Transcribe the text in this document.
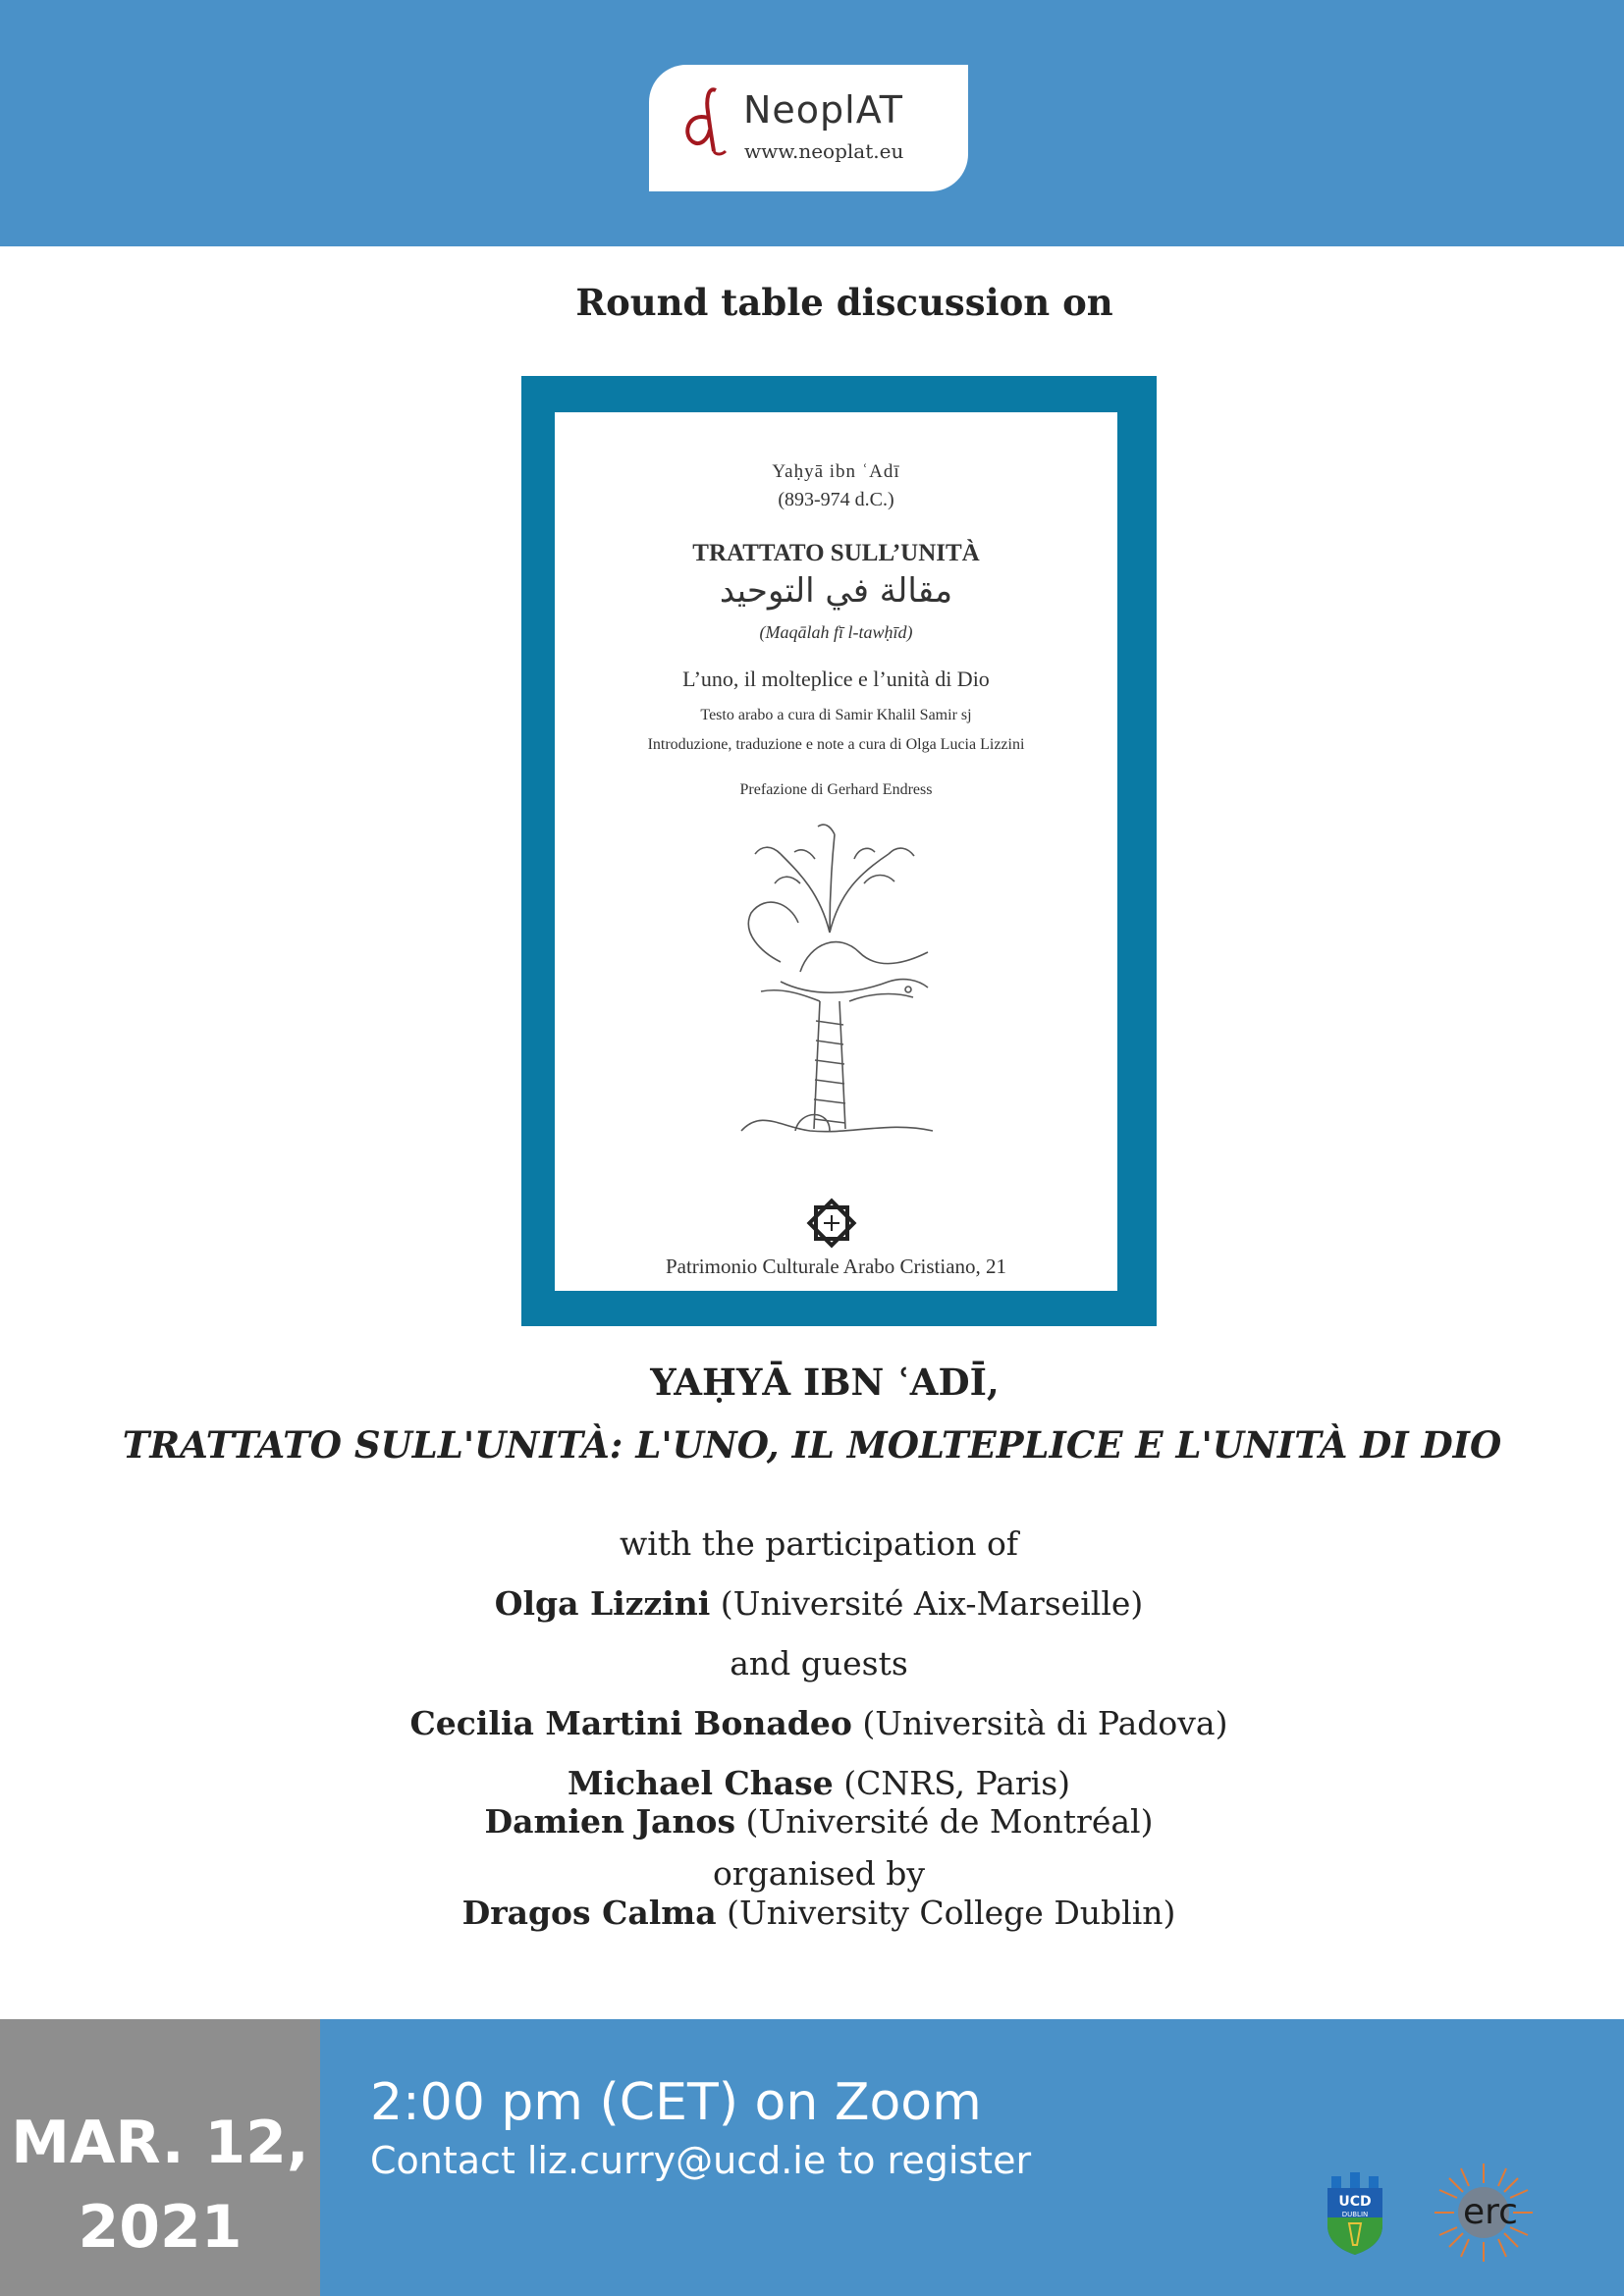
NeoplAT
www.neoplat.eu
Round table discussion on
Yaḥyā ibn ʿAdī
(893-974 d.C.)
TRATTATO SULL’UNITÀ
مقالة في التوحيد
(Maqālah fī l-tawḥīd)
L’uno, il molteplice e l’unità di Dio
Testo arabo a cura di Samir Khalil Samir sj
Introduzione, traduzione e note a cura di Olga Lucia Lizzini
Prefazione di Gerhard Endress
Patrimonio Culturale Arabo Cristiano, 21
YAḤYĀ IBN ʿADĪ,
TRATTATO SULL'UNITÀ: L'UNO, IL MOLTEPLICE E L'UNITÀ DI DIO
with the participation of
Olga Lizzini (Université Aix-Marseille)
and guests
Cecilia Martini Bonadeo (Università di Padova)
Michael Chase (CNRS, Paris)
Damien Janos (Université de Montréal)
organised by
Dragos Calma (University College Dublin)
MAR. 12,
2021
2:00 pm (CET) on Zoom
Contact liz.curry@ucd.ie to register
UCD
DUBLIN	erc
